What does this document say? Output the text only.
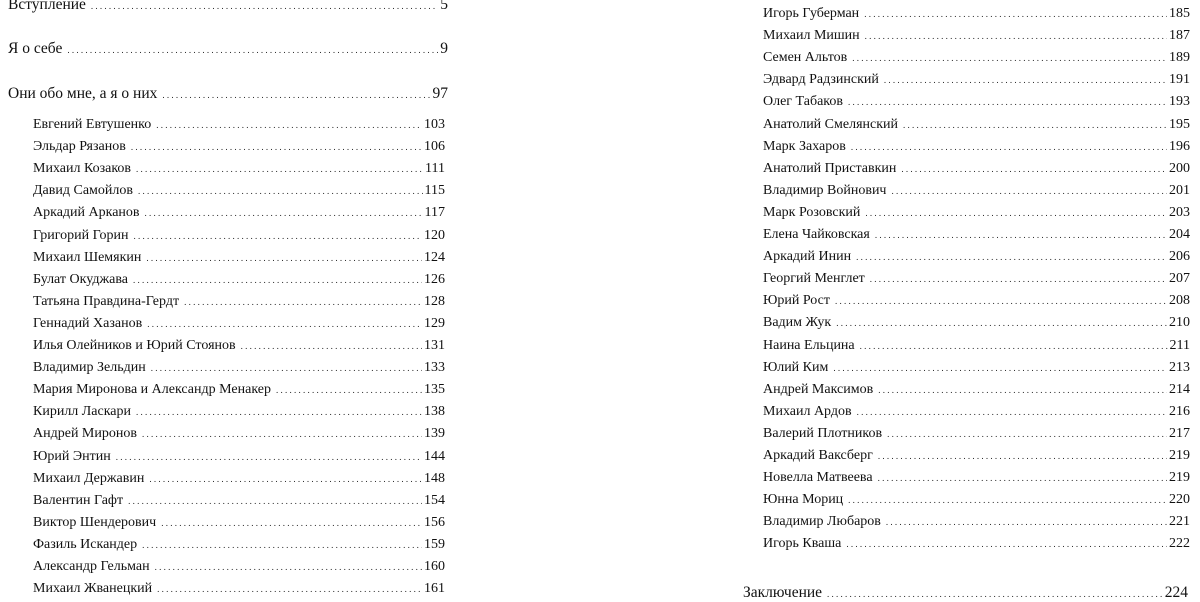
Вступление . . .	5
Я о себе . . .	9
Они обо мне, а я о них . . .	97
Евгений Евтушенко . . .	103
Эльдар Рязанов . . .	106
Михаил Козаков . . .	111
Давид Самойлов . . .	115
Аркадий Арканов . . .	117
Григорий Горин . . .	120
Михаил Шемякин . . .	124
Булат Окуджава . . .	126
Татьяна Правдина-Гердт . . .	128
Геннадий Хазанов . . .	129
Илья Олейников и Юрий Стоянов . . .	131
Владимир Зельдин . . .	133
Мария Миронова и Александр Менакер . . .	135
Кирилл Ласкари . . .	138
Андрей Миронов . . .	139
Юрий Энтин . . .	144
Михаил Державин . . .	148
Валентин Гафт . . .	154
Виктор Шендерович . . .	156
Фазиль Искандер . . .	159
Александр Гельман . . .	160
Михаил Жванецкий . . .	161
Игорь Губерман . . .	185
Михаил Мишин . . .	187
Семен Альтов . . .	189
Эдвард Радзинский . . .	191
Олег Табаков . . .	193
Анатолий Смелянский . . .	195
Марк Захаров . . .	196
Анатолий Приставкин . . .	200
Владимир Войнович . . .	201
Марк Розовский . . .	203
Елена Чайковская . . .	204
Аркадий Инин . . .	206
Георгий Менглет . . .	207
Юрий Рост . . .	208
Вадим Жук . . .	210
Наина Ельцина . . .	211
Юлий Ким . . .	213
Андрей Максимов . . .	214
Михаил Ардов . . .	216
Валерий Плотников . . .	217
Аркадий Ваксберг . . .	219
Новелла Матвеева . . .	219
Юнна Мориц . . .	220
Владимир Любаров . . .	221
Игорь Кваша . . .	222
Заключение . . .	224
